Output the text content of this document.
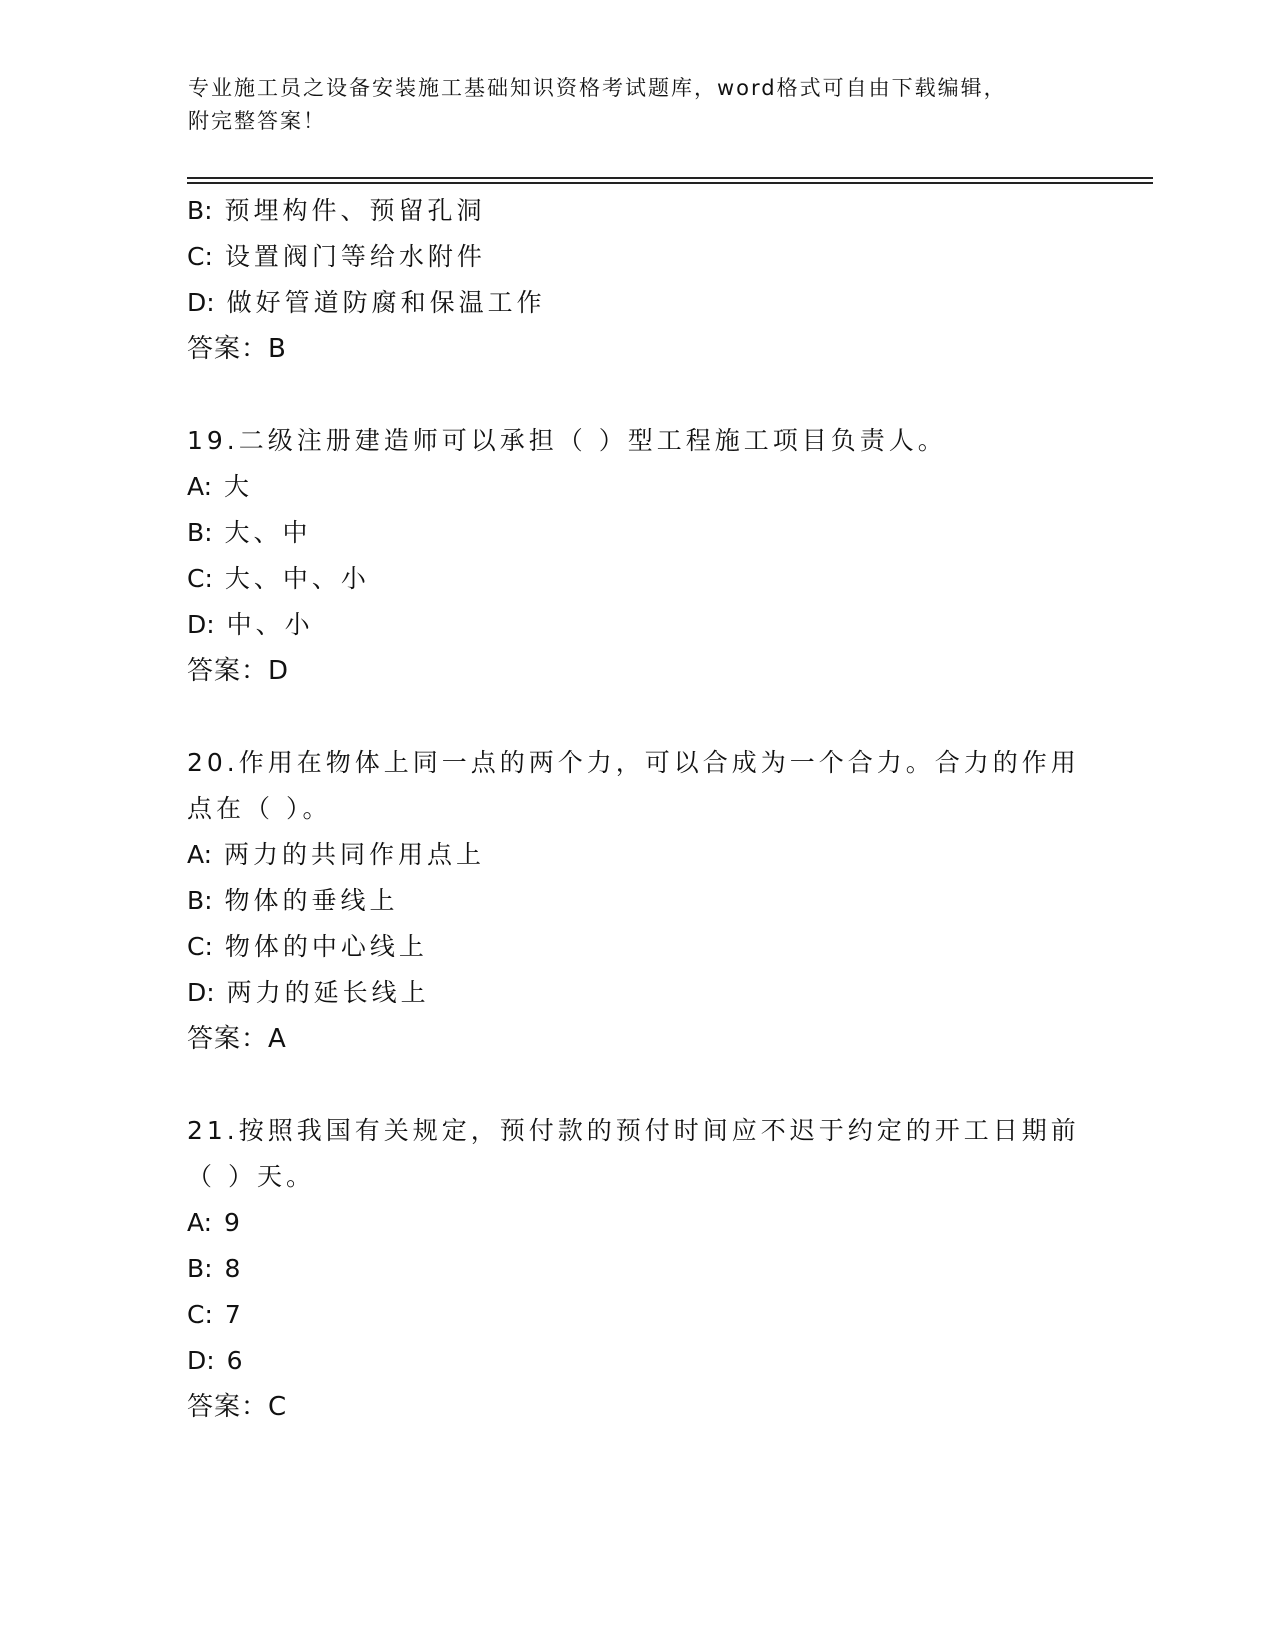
专业施工员之设备安装施工基础知识资格考试题库，word格式可自由下载编辑，
附完整答案！
B: 预埋构件、预留孔洞
C: 设置阀门等给水附件
D: 做好管道防腐和保温工作
答案：B
19.二级注册建造师可以承担（ ）型工程施工项目负责人。
A: 大
B: 大、中
C: 大、中、小
D: 中、小
答案：D
20.作用在物体上同一点的两个力，可以合成为一个合力。合力的作用
点在（ ）。
A: 两力的共同作用点上
B: 物体的垂线上
C: 物体的中心线上
D: 两力的延长线上
答案：A
21.按照我国有关规定，预付款的预付时间应不迟于约定的开工日期前
（ ）天。
A: 9
B: 8
C: 7
D: 6
答案：C
